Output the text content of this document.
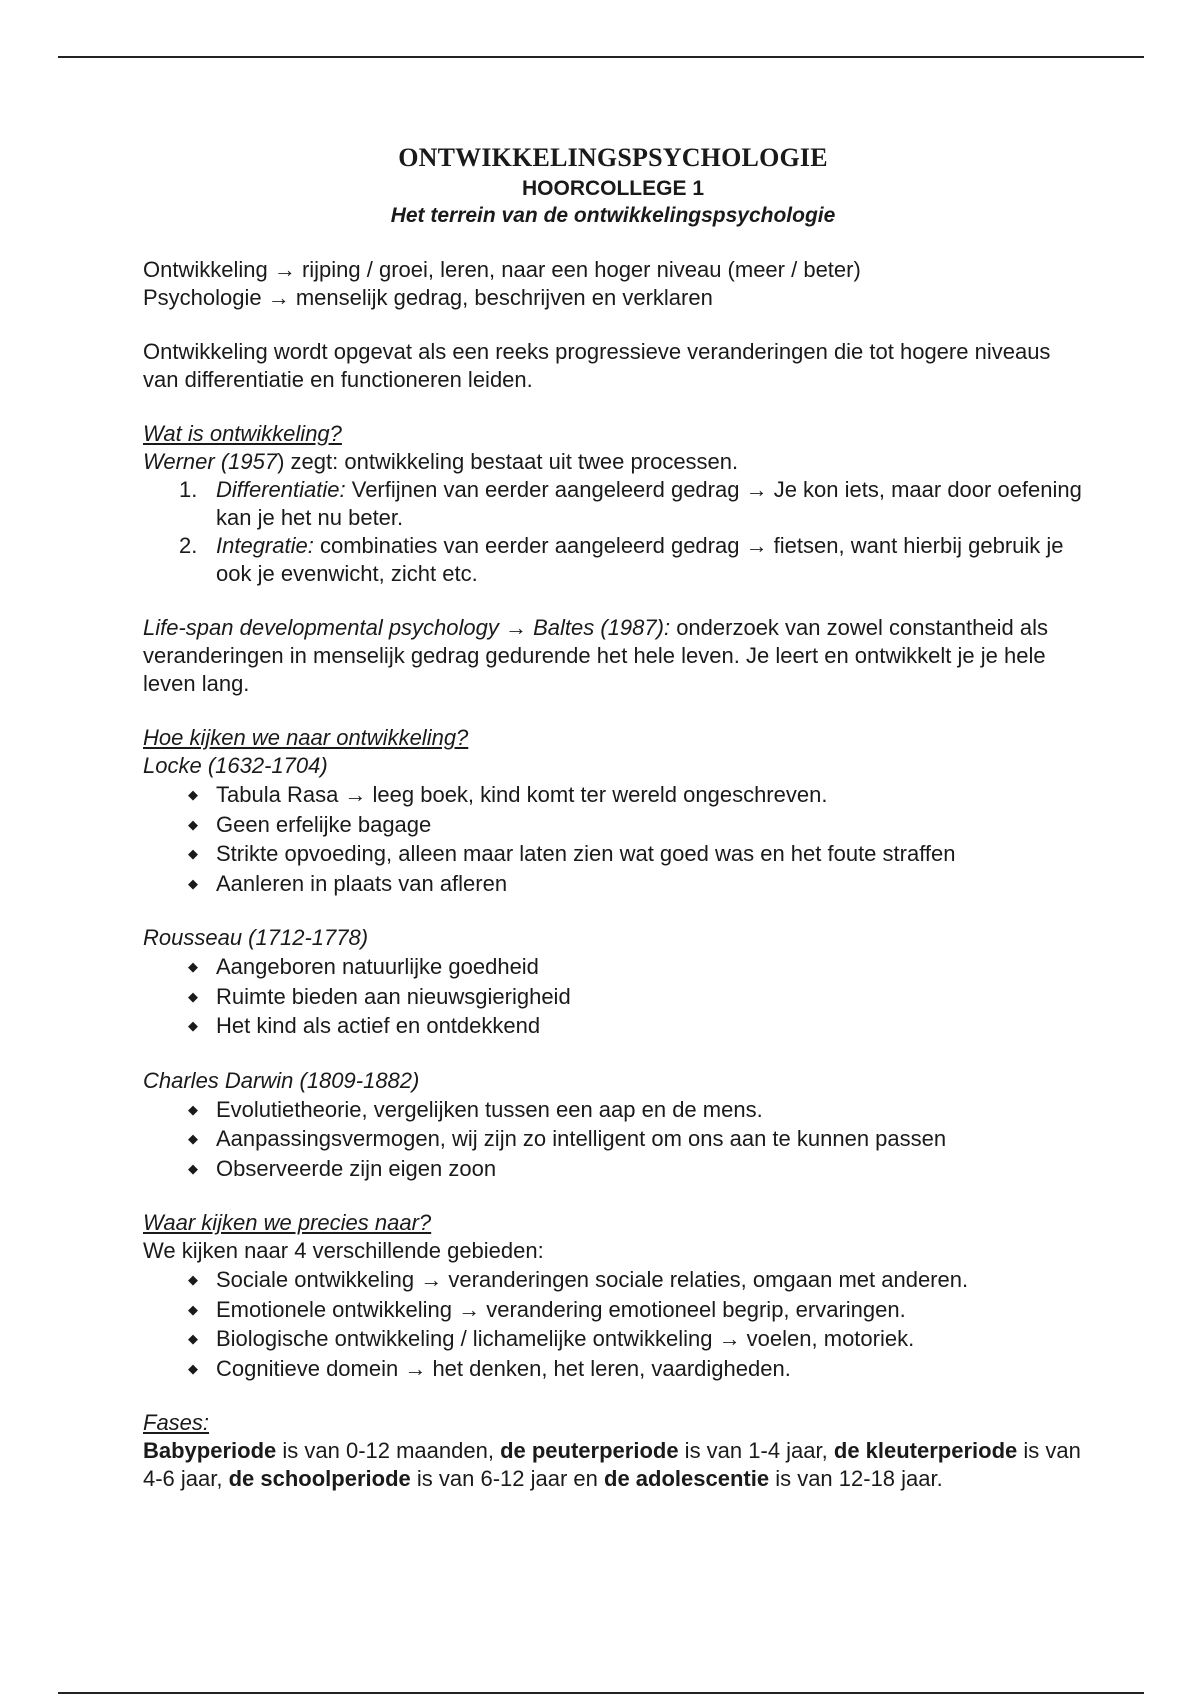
ONTWIKKELINGSPSYCHOLOGIE

HOORCOLLEGE 1

Het terrein van de ontwikkelingspsychologie

Ontwikkeling → rijping / groei, leren, naar een hoger niveau (meer / beter)

Psychologie → menselijk gedrag, beschrijven en verklaren

Ontwikkeling wordt opgevat als een reeks progressieve veranderingen die tot hogere niveaus van differentiatie en functioneren leiden.

Wat is ontwikkeling?

Werner (1957) zegt: ontwikkeling bestaat uit twee processen.

1. Differentiatie: Verfijnen van eerder aangeleerd gedrag → Je kon iets, maar door oefening kan je het nu beter.
2. Integratie: combinaties van eerder aangeleerd gedrag → fietsen, want hierbij gebruik je ook je evenwicht, zicht etc.

Life-span developmental psychology → Baltes (1987): onderzoek van zowel constantheid als veranderingen in menselijk gedrag gedurende het hele leven. Je leert en ontwikkelt je je hele leven lang.

Hoe kijken we naar ontwikkeling?

Locke (1632-1704)

◆ Tabula Rasa → leeg boek, kind komt ter wereld ongeschreven.
◆ Geen erfelijke bagage
◆ Strikte opvoeding, alleen maar laten zien wat goed was en het foute straffen
◆ Aanleren in plaats van afleren

Rousseau (1712-1778)

◆ Aangeboren natuurlijke goedheid
◆ Ruimte bieden aan nieuwsgierigheid
◆ Het kind als actief en ontdekkend

Charles Darwin (1809-1882)

◆ Evolutietheorie, vergelijken tussen een aap en de mens.
◆ Aanpassingsvermogen, wij zijn zo intelligent om ons aan te kunnen passen
◆ Observeerde zijn eigen zoon

Waar kijken we precies naar?

We kijken naar 4 verschillende gebieden:

◆ Sociale ontwikkeling → veranderingen sociale relaties, omgaan met anderen.
◆ Emotionele ontwikkeling → verandering emotioneel begrip, ervaringen.
◆ Biologische ontwikkeling / lichamelijke ontwikkeling → voelen, motoriek.
◆ Cognitieve domein → het denken, het leren, vaardigheden.

Fases:

Babyperiode is van 0-12 maanden, de peuterperiode is van 1-4 jaar, de kleuterperiode is van 4-6 jaar, de schoolperiode is van 6-12 jaar en de adolescentie is van 12-18 jaar.
